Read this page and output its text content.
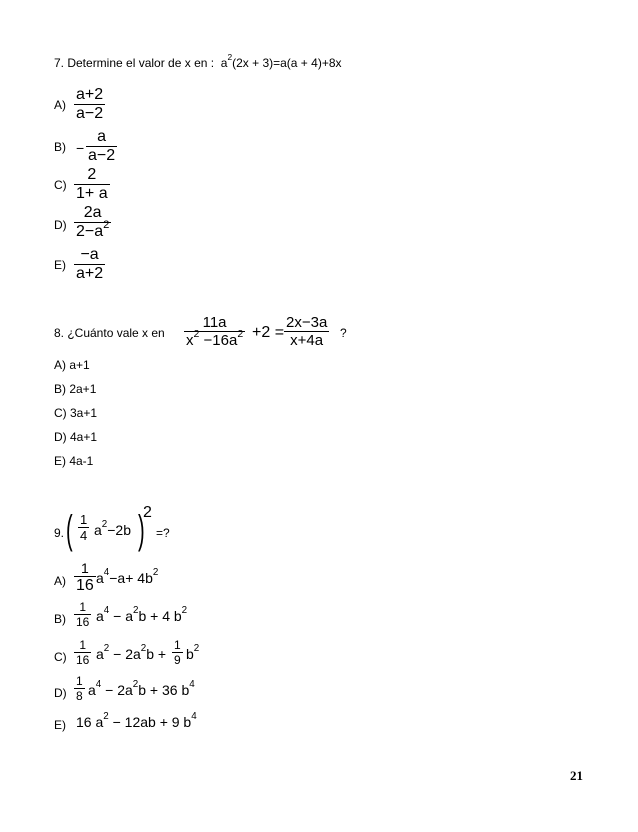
7. Determine el valor de x en : $a^2(2x + 3)=a(a + 4)+8x$
A)
a+2
a−2
B) −
a
a−2
C)
2
1+ a
D)
2a
$2-a^2$
E)
−a
a+2
8. ¿Cuánto vale x en
11a
$x^2 -16a^2 +2$ =
2x−3a
x+4a ?
A) a+1
B) 2a+1
C) 3a+1
D) 4a+1
E) 4a-1
9. ( 1
4 $a^2-2b$ )
2
=?
A)
1
16 $a^4-a+ 4b^2$
B)
1
16 $a^4 - a^2b + 4$ $b^2$
C)
1
16 $a^2 - 2a^2b$ +
1
9 $b^2$
D)
1
8 $a^4 - 2a^2b + 36$ $b^4$
E) 16 $a^2 - 12ab + 9$ $b^4$
21
